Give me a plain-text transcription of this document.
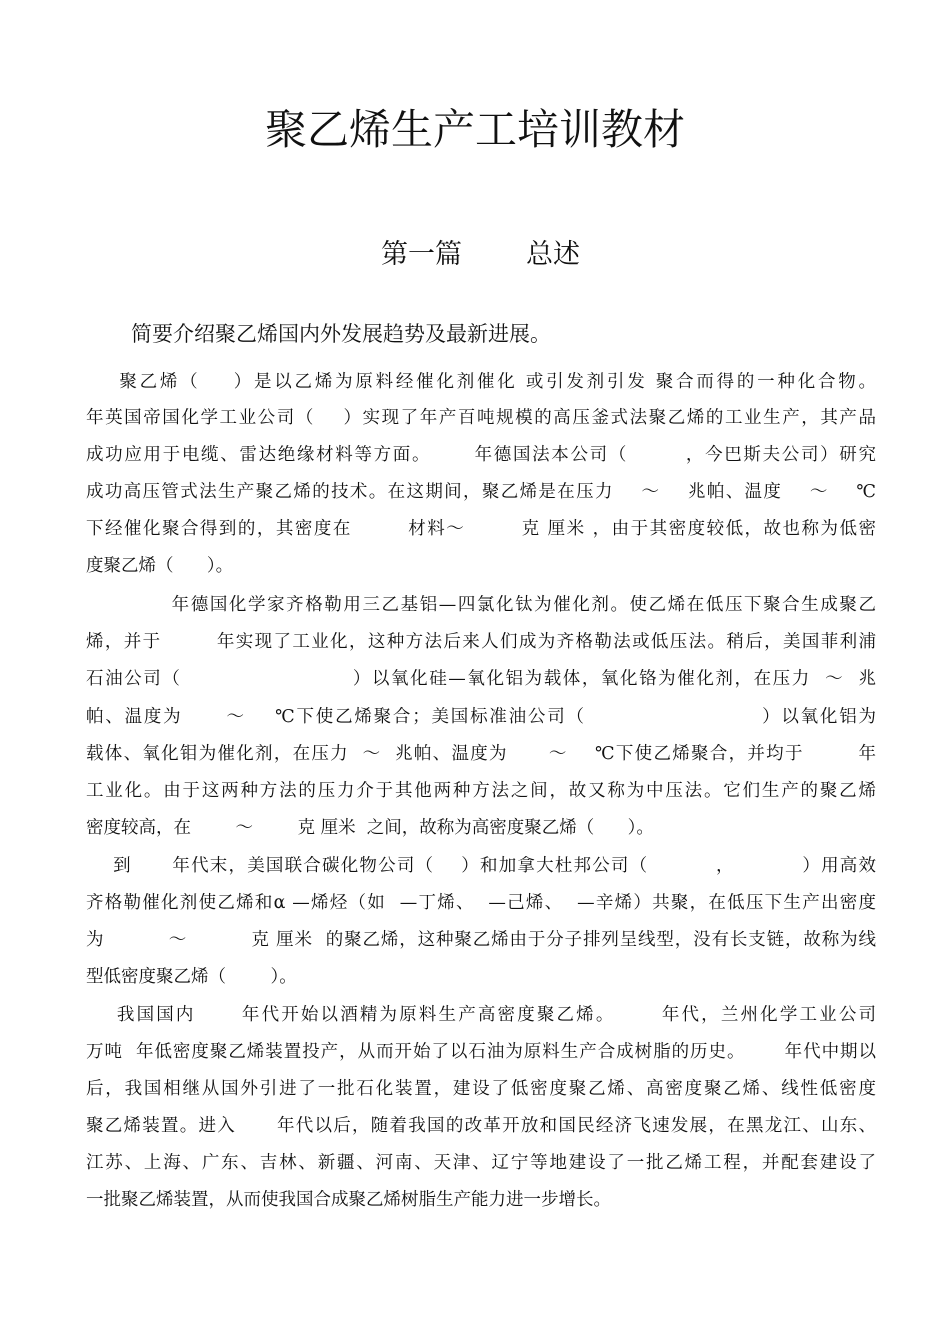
聚乙烯生产工培训教材
第一篇 总述
简要介绍聚乙烯国内外发展趋势及最新进展。
聚乙烯（    ）是以乙烯为原料经催化剂催化 或引发剂引发 聚合而得的一种化合物。
年英国帝国化学工业公司（    ）实现了年产百吨规模的高压釜式法聚乙烯的工业生产，其产品
成功应用于电缆、雷达绝缘材料等方面。      年德国法本公司（        ，今巴斯夫公司）研究
成功高压管式法生产聚乙烯的技术。在这期间，聚乙烯是在压力    ～    兆帕、温度    ～    ℃
下经催化聚合得到的，其密度在        材料～        克 厘米 ，由于其密度较低，故也称为低密
度聚乙烯（      ）。
年德国化学家齐格勒用三乙基铝—四氯化钛为催化剂。使乙烯在低压下聚合生成聚乙
烯，并于        年实现了工业化，这种方法后来人们成为齐格勒法或低压法。稍后，美国菲利浦
石油公司（                        ）以氧化硅—氧化铝为载体，氧化铬为催化剂，在压力  ～  兆
帕、温度为      ～    ℃下使乙烯聚合；美国标准油公司（                        ）以氧化铝为
载体、氧化钼为催化剂，在压力  ～  兆帕、温度为      ～    ℃下使乙烯聚合，并均于        年
工业化。由于这两种方法的压力介于其他两种方法之间，故又称为中压法。它们生产的聚乙烯
密度较高，在        ～        克 厘米  之间，故称为高密度聚乙烯（      ）。
到      年代末，美国联合碳化物公司（    ）和加拿大杜邦公司（          ，          ）用高效
齐格勒催化剂使乙烯和α —烯烃（如  —丁烯、  —己烯、  —辛烯）共聚，在低压下生产出密度
为          ～          克 厘米  的聚乙烯，这种聚乙烯由于分子排列呈线型，没有长支链，故称为线
型低密度聚乙烯（        ）。
我国国内      年代开始以酒精为原料生产高密度聚乙烯。      年代，兰州化学工业公司
万吨  年低密度聚乙烯装置投产，从而开始了以石油为原料生产合成树脂的历史。      年代中期以
后，我国相继从国外引进了一批石化装置，建设了低密度聚乙烯、高密度聚乙烯、线性低密度
聚乙烯装置。进入      年代以后，随着我国的改革开放和国民经济飞速发展，在黑龙江、山东、
江苏、上海、广东、吉林、新疆、河南、天津、辽宁等地建设了一批乙烯工程，并配套建设了
一批聚乙烯装置，从而使我国合成聚乙烯树脂生产能力进一步增长。
